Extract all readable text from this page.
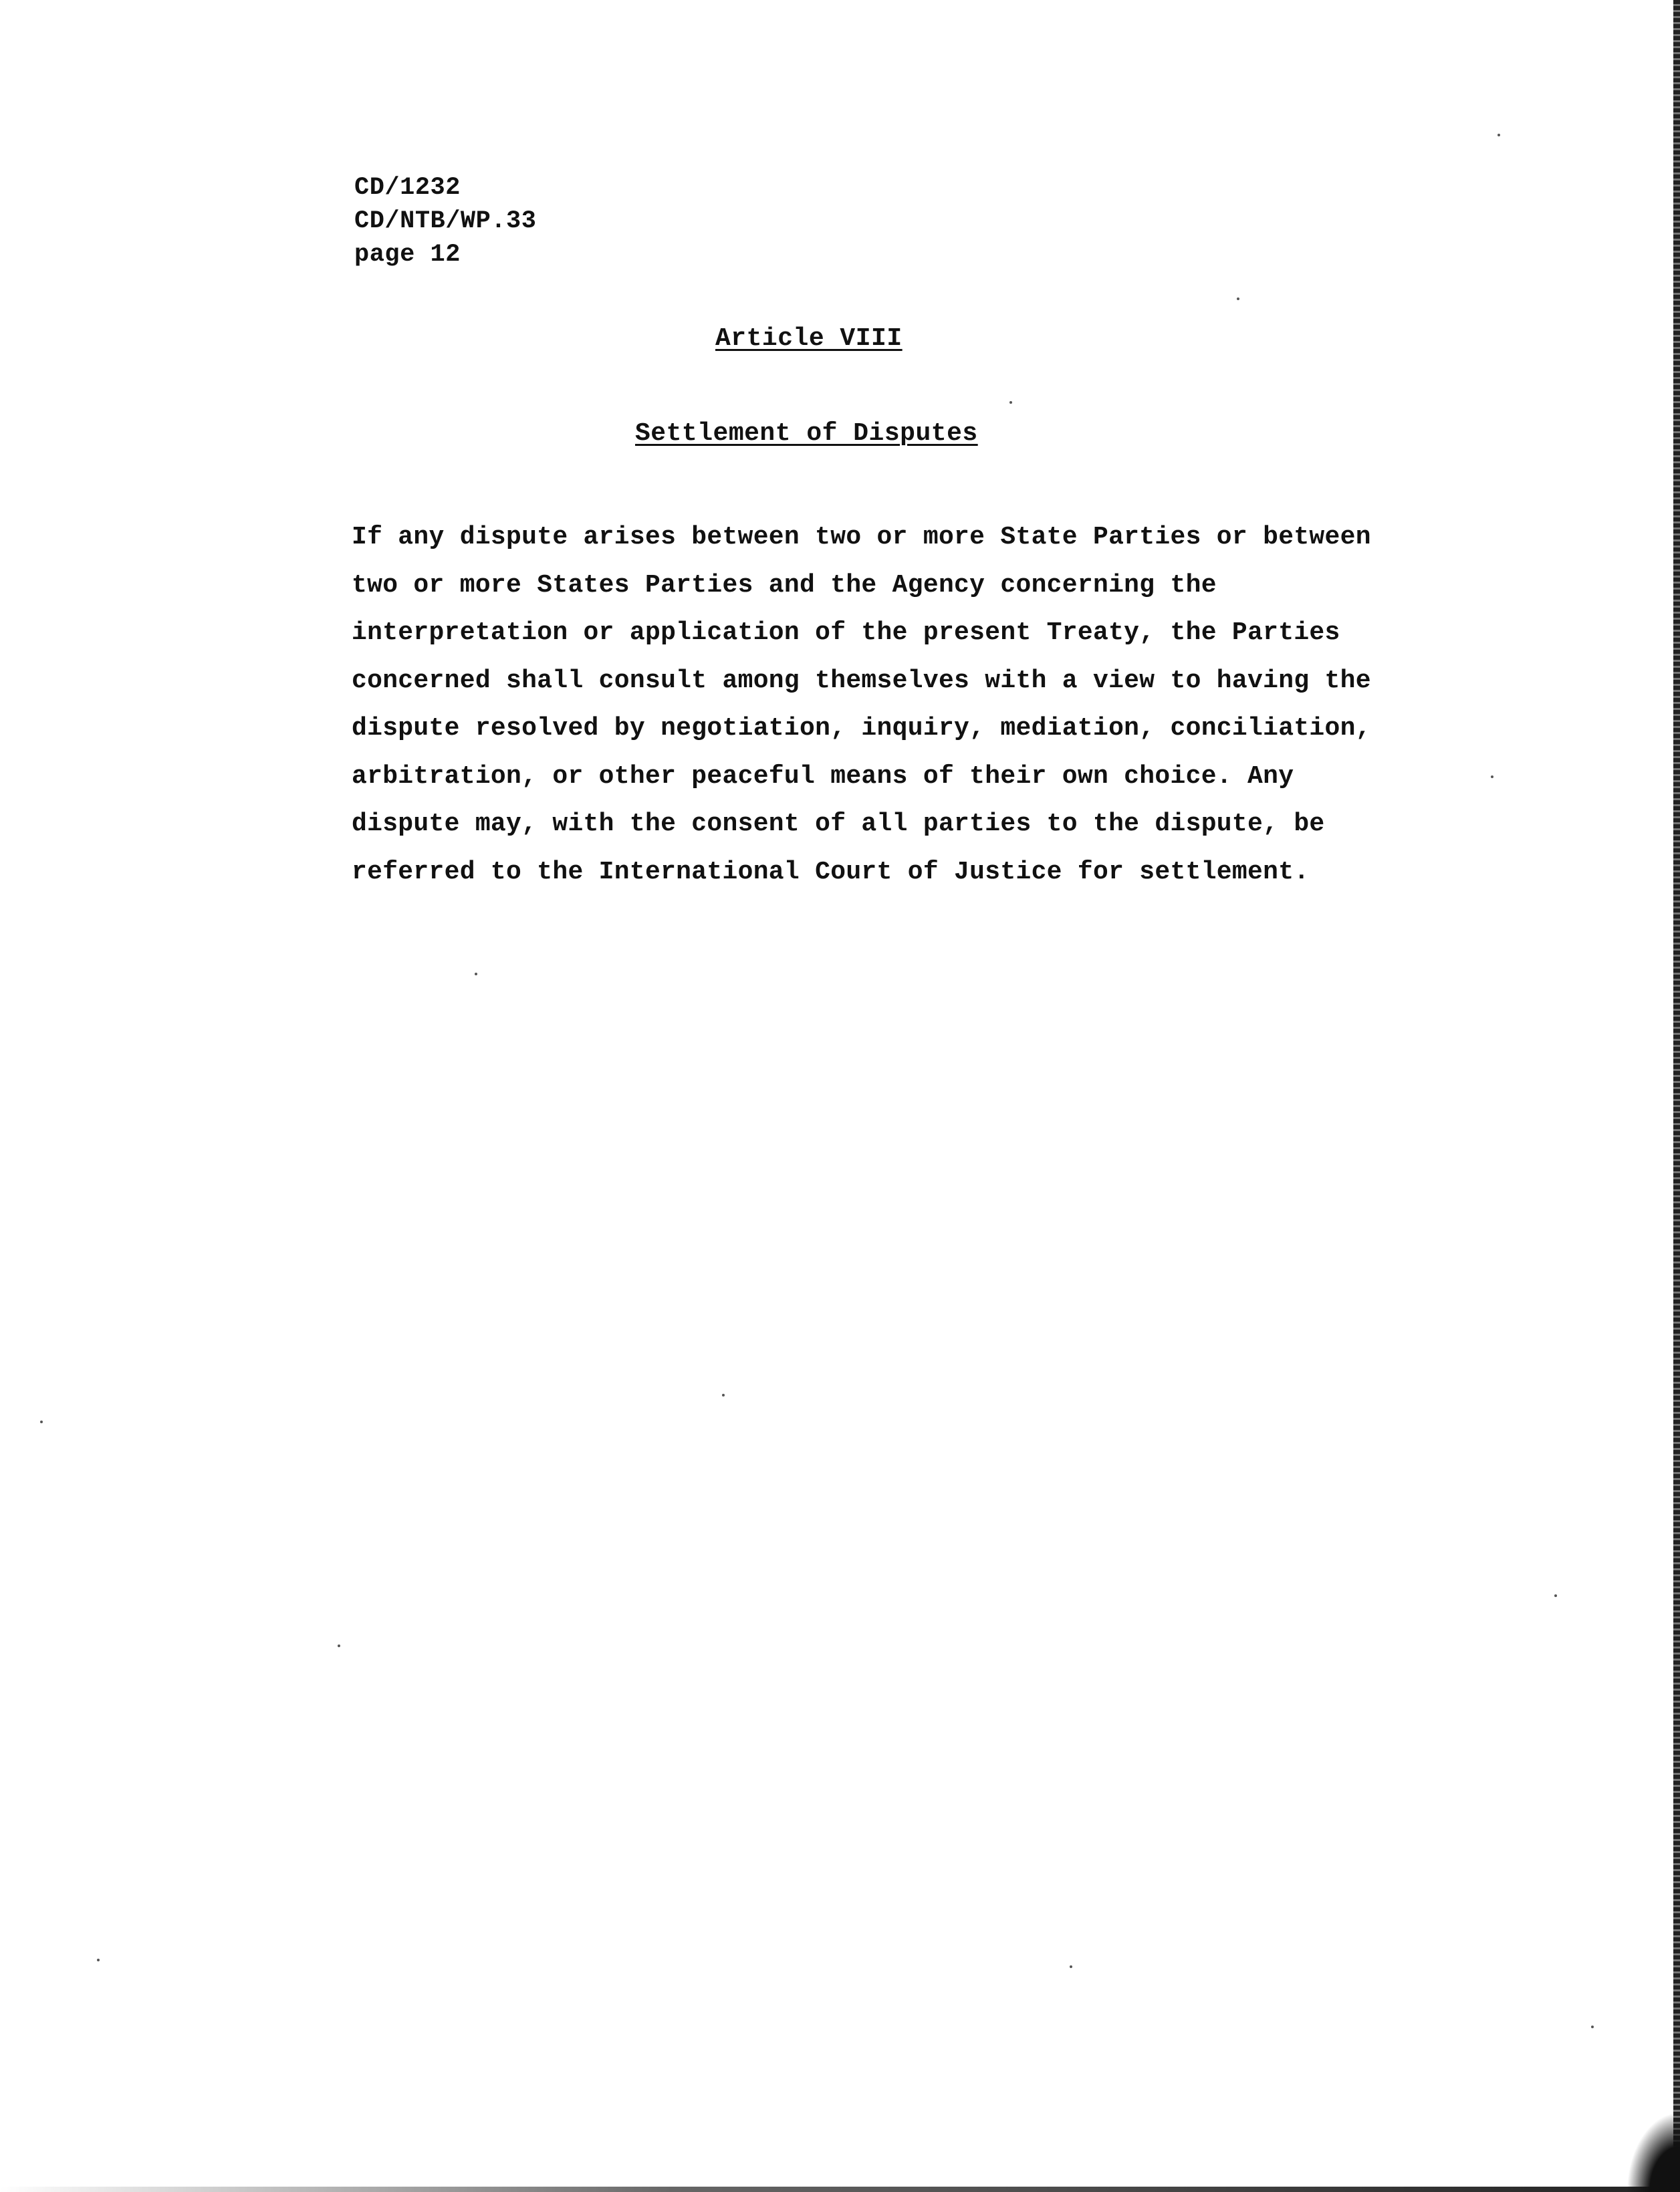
CD/1232
CD/NTB/WP.33
page 12
Article VIII
Settlement of Disputes
If any dispute arises between two or more State Parties or between
two or more States Parties and the Agency concerning the
interpretation or application of the present Treaty, the Parties
concerned shall consult among themselves with a view to having the
dispute resolved by negotiation, inquiry, mediation, conciliation,
arbitration, or other peaceful means of their own choice. Any
dispute may, with the consent of all parties to the dispute, be
referred to the International Court of Justice for settlement.
